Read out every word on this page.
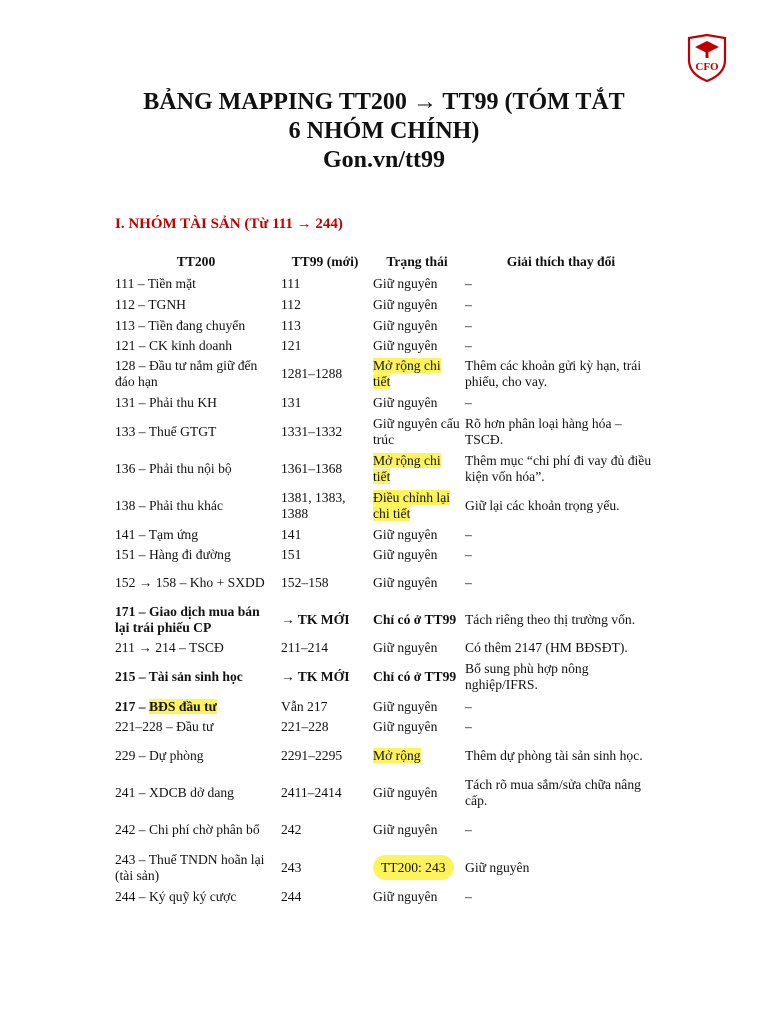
CFO
BẢNG MAPPING TT200 → TT99 (TÓM TẮT
6 NHÓM CHÍNH)
Gon.vn/tt99
I. NHÓM TÀI SẢN (Từ 111 → 244)
TT200	TT99 (mới)	Trạng thái	Giải thích thay đổi
111 – Tiền mặt	111	Giữ nguyên	–
112 – TGNH	112	Giữ nguyên	–
113 – Tiền đang chuyển	113	Giữ nguyên	–
121 – CK kinh doanh	121	Giữ nguyên	–
128 – Đầu tư nắm giữ đến đáo hạn	1281–1288	Mở rộng chi tiết	Thêm các khoản gửi kỳ hạn, trái phiếu, cho vay.
131 – Phải thu KH	131	Giữ nguyên	–
133 – Thuế GTGT	1331–1332	Giữ nguyên cấu trúc	Rõ hơn phân loại hàng hóa – TSCĐ.
136 – Phải thu nội bộ	1361–1368	Mở rộng chi tiết	Thêm mục “chi phí đi vay đủ điều kiện vốn hóa”.
138 – Phải thu khác	1381, 1383, 1388	Điều chỉnh lại chi tiết	Giữ lại các khoản trọng yếu.
141 – Tạm ứng	141	Giữ nguyên	–
151 – Hàng đi đường	151	Giữ nguyên	–
152 → 158 – Kho + SXDD	152–158	Giữ nguyên	–
171 – Giao dịch mua bán lại trái phiếu CP	→ TK MỚI	Chỉ có ở TT99	Tách riêng theo thị trường vốn.
211 → 214 – TSCĐ	211–214	Giữ nguyên	Có thêm 2147 (HM BĐSĐT).
215 – Tài sản sinh học	→ TK MỚI	Chỉ có ở TT99	Bổ sung phù hợp nông nghiệp/IFRS.
217 – BĐS đầu tư	Vẫn 217	Giữ nguyên	–
221–228 – Đầu tư	221–228	Giữ nguyên	–
229 – Dự phòng	2291–2295	Mở rộng	Thêm dự phòng tài sản sinh học.
241 – XDCB dở dang	2411–2414	Giữ nguyên	Tách rõ mua sắm/sửa chữa nâng cấp.
242 – Chi phí chờ phân bổ	242	Giữ nguyên	–
243 – Thuế TNDN hoãn lại (tài sản)	243	TT200: 243	Giữ nguyên
244 – Ký quỹ ký cược	244	Giữ nguyên	–
